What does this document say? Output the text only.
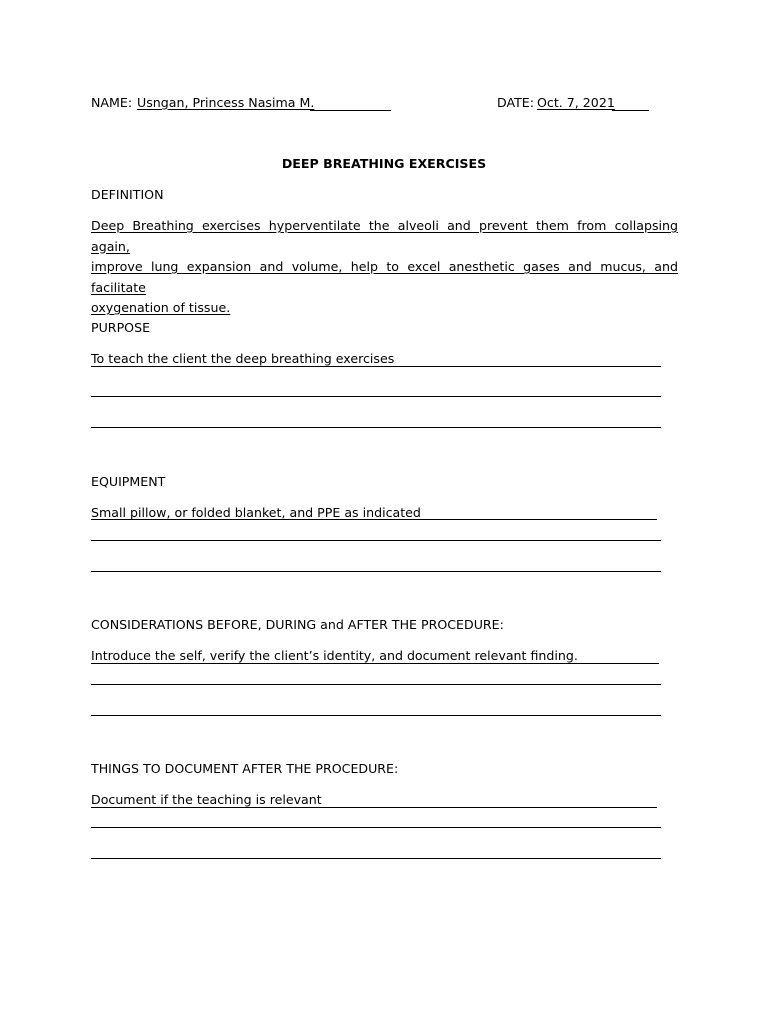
NAME: Usngan, Princess Nasima M.	DATE: Oct. 7, 2021
DEEP BREATHING EXERCISES
DEFINITION
Deep Breathing exercises hyperventilate the alveoli and prevent them from collapsing again,
improve lung expansion and volume, help to excel anesthetic gases and mucus, and facilitate
oxygenation of tissue.
PURPOSE
To teach the client the deep breathing exercises
EQUIPMENT
Small pillow, or folded blanket, and PPE as indicated
CONSIDERATIONS BEFORE, DURING and AFTER THE PROCEDURE:
Introduce the self, verify the client’s identity, and document relevant finding.
THINGS TO DOCUMENT AFTER THE PROCEDURE:
Document if the teaching is relevant
